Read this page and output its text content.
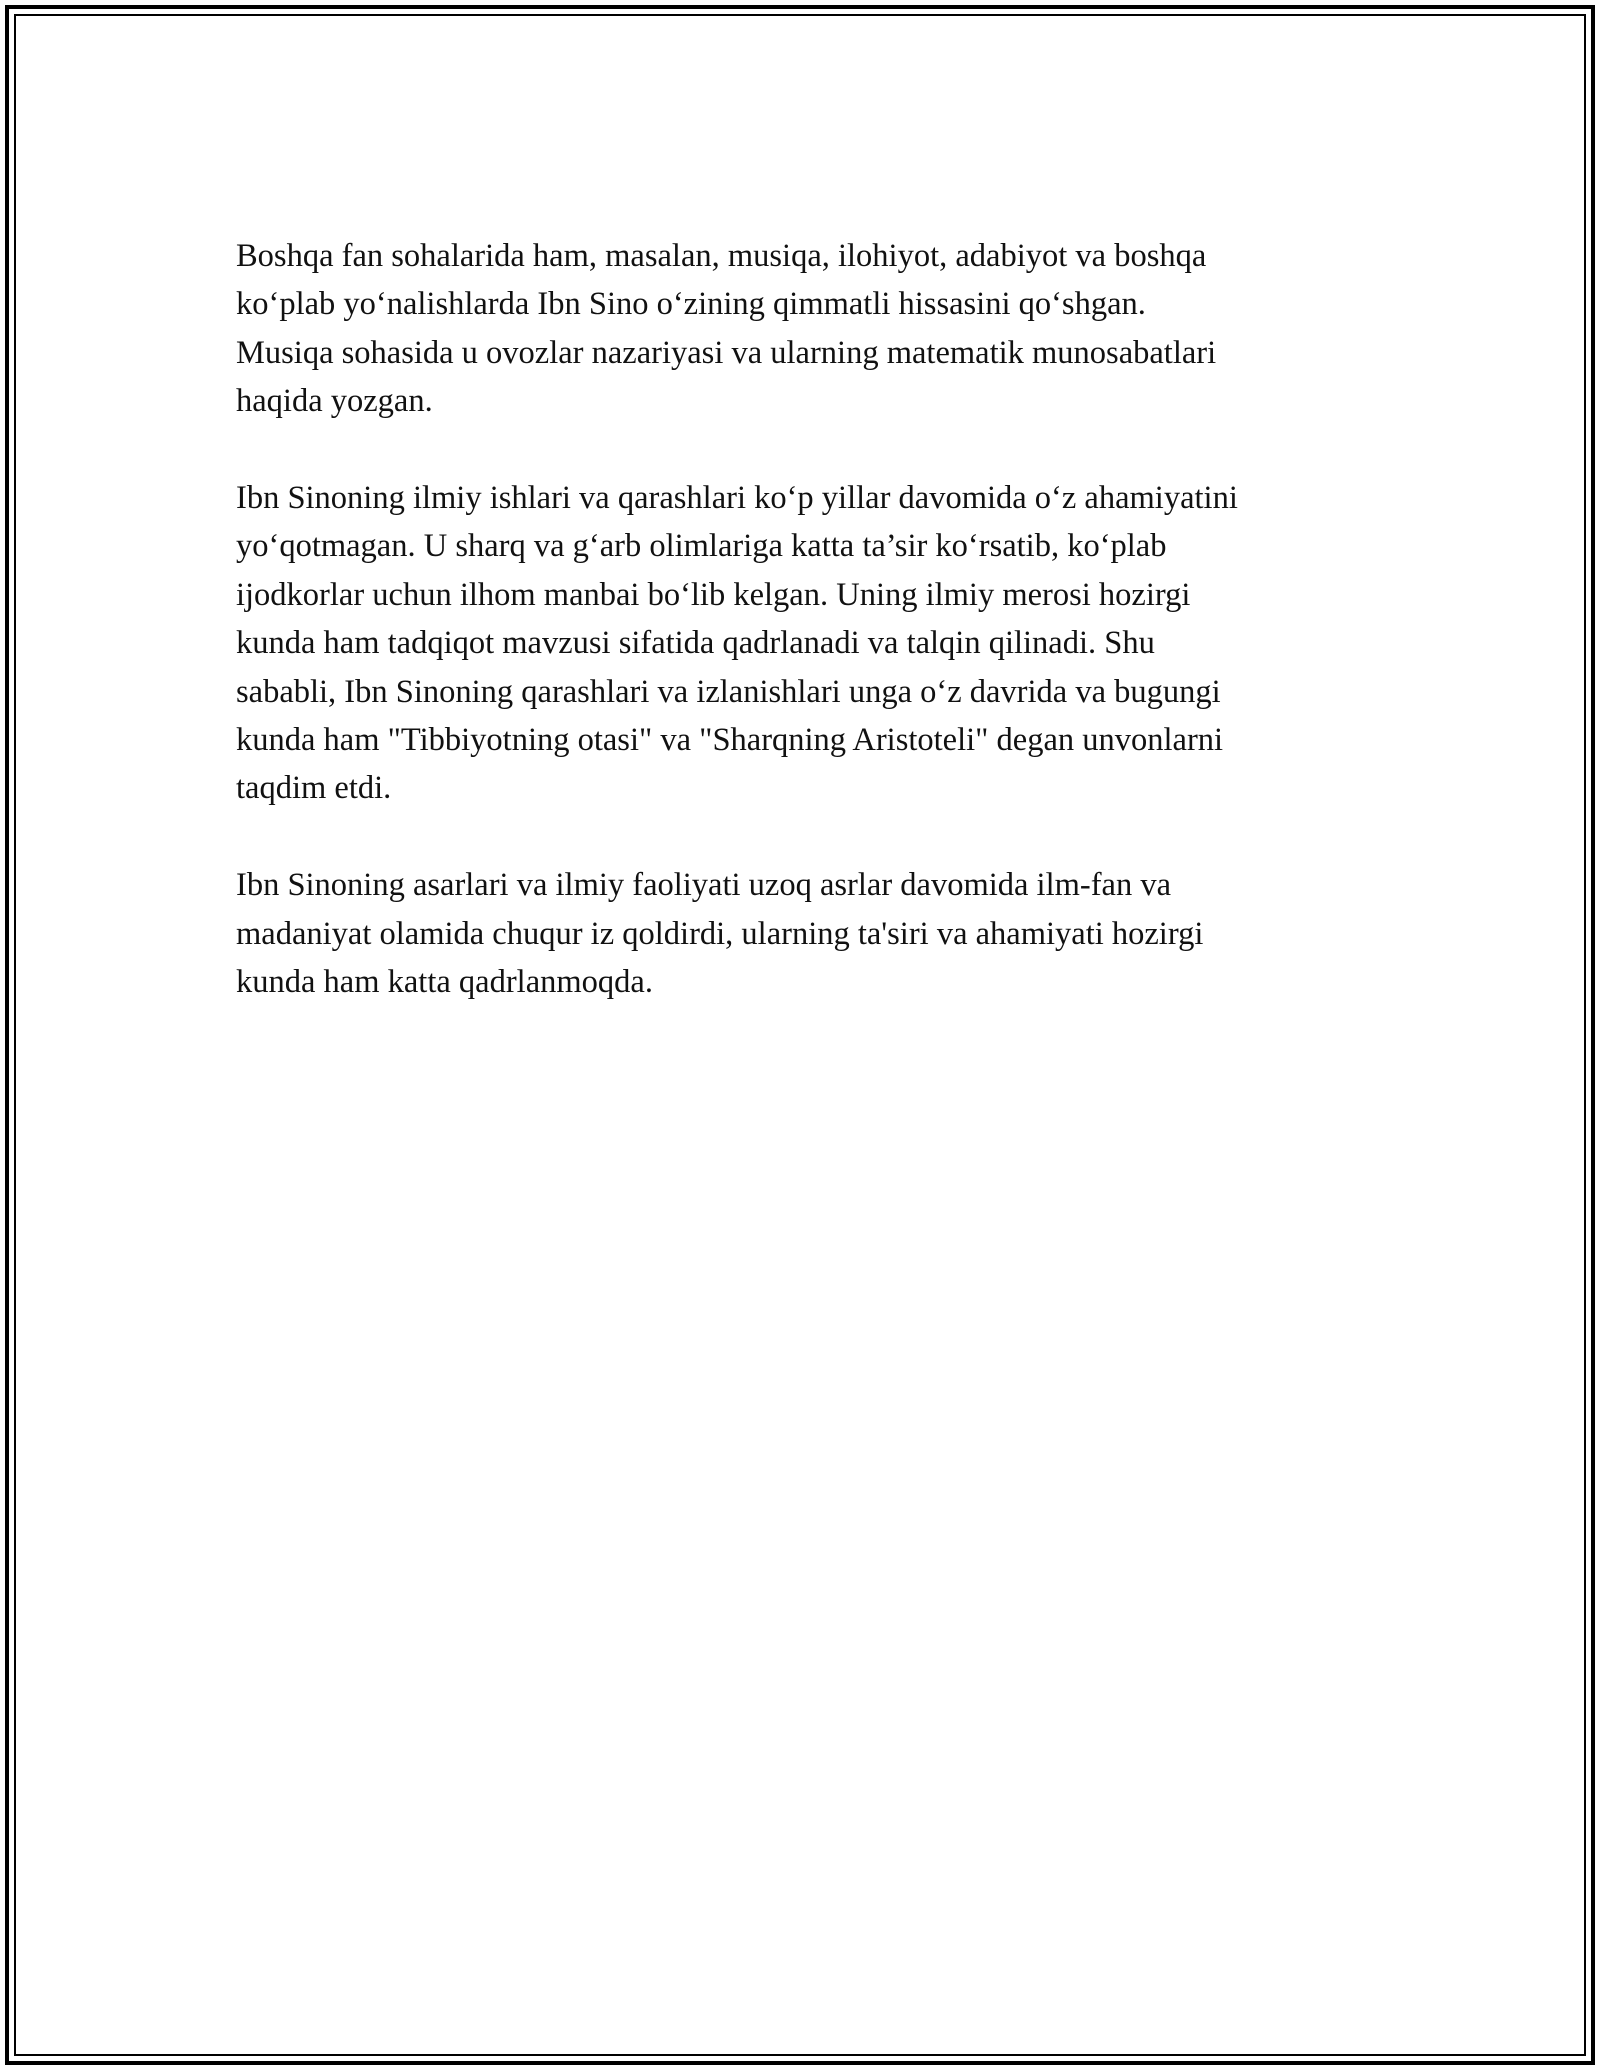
Boshqa fan sohalarida ham, masalan, musiqa, ilohiyot, adabiyot va boshqa
ko‘plab yo‘nalishlarda Ibn Sino o‘zining qimmatli hissasini qo‘shgan.
Musiqa sohasida u ovozlar nazariyasi va ularning matematik munosabatlari
haqida yozgan.

Ibn Sinoning ilmiy ishlari va qarashlari ko‘p yillar davomida o‘z ahamiyatini
yo‘qotmagan. U sharq va g‘arb olimlariga katta ta’sir ko‘rsatib, ko‘plab
ijodkorlar uchun ilhom manbai bo‘lib kelgan. Uning ilmiy merosi hozirgi
kunda ham tadqiqot mavzusi sifatida qadrlanadi va talqin qilinadi. Shu
sababli, Ibn Sinoning qarashlari va izlanishlari unga o‘z davrida va bugungi
kunda ham "Tibbiyotning otasi" va "Sharqning Aristoteli" degan unvonlarni
taqdim etdi.

Ibn Sinoning asarlari va ilmiy faoliyati uzoq asrlar davomida ilm-fan va
madaniyat olamida chuqur iz qoldirdi, ularning ta'siri va ahamiyati hozirgi
kunda ham katta qadrlanmoqda.
